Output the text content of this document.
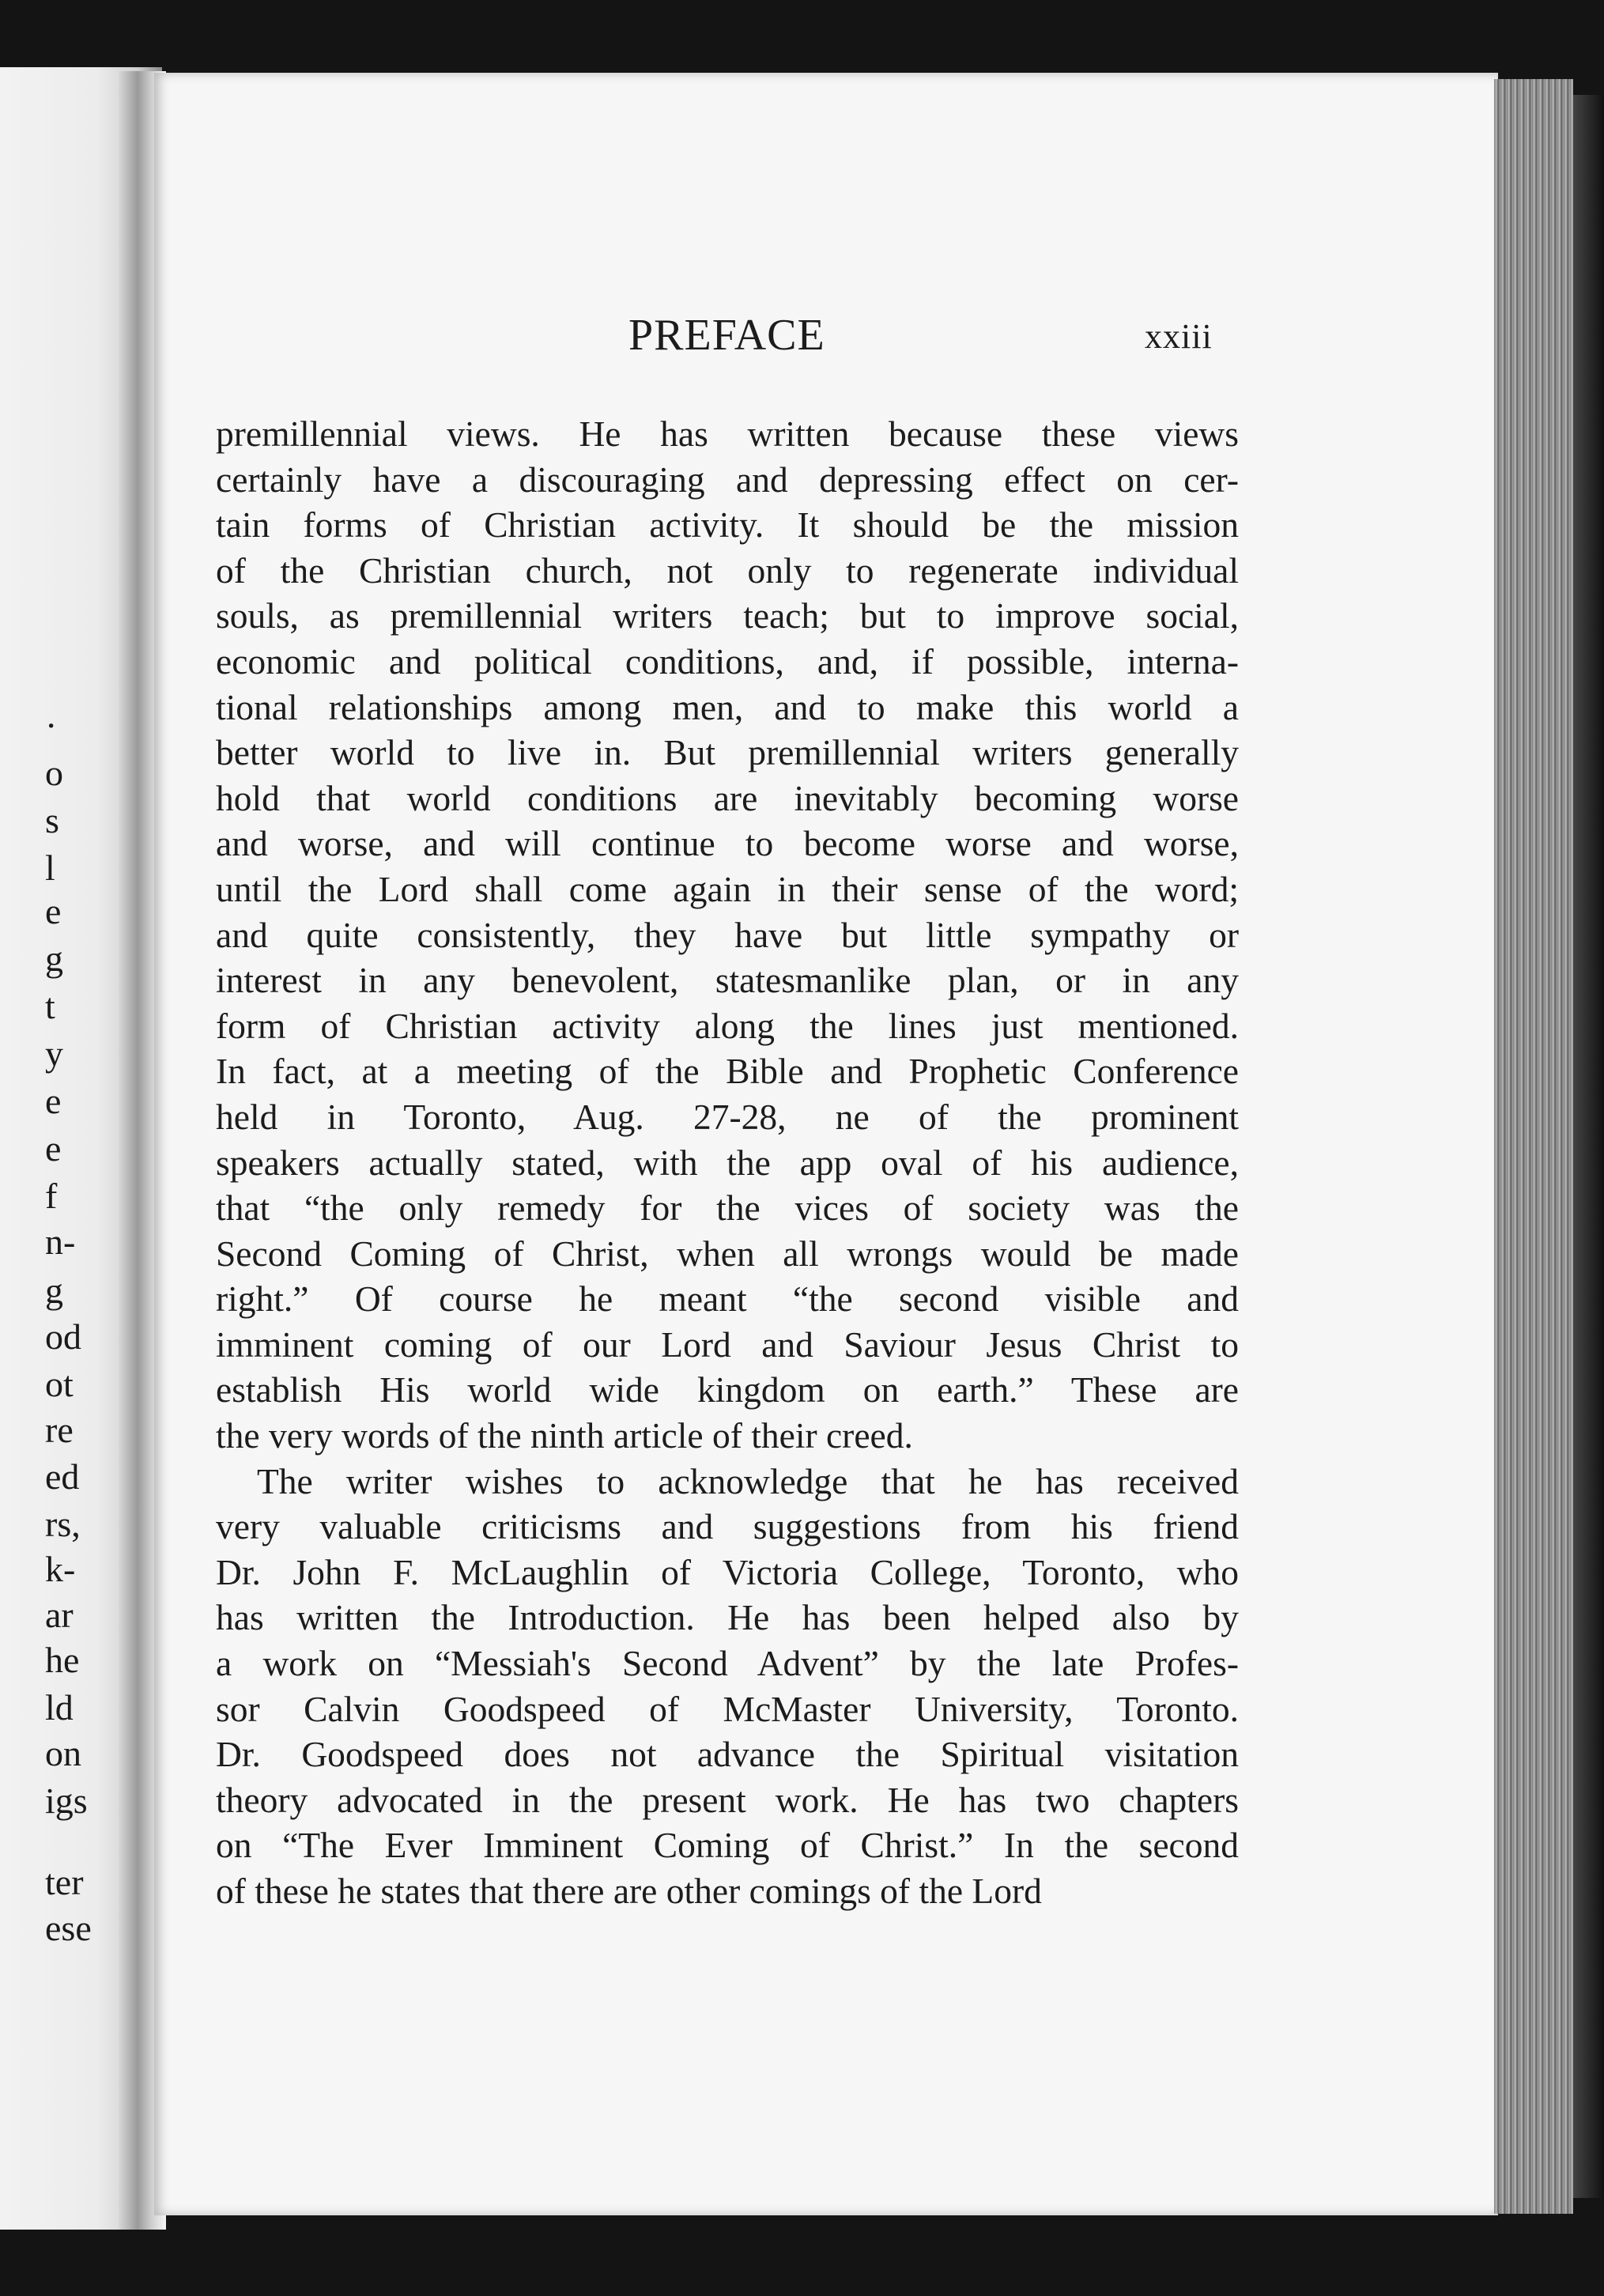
·
o
s
l
e
g
t
y
e
e
f
n-
g
od
ot
re
ed
rs,
k-
ar
he
ld
on
igs
ter
ese
PREFACE	xxiii
premillennial views. He has written because these views
certainly have a discouraging and depressing effect on cer-
tain forms of Christian activity. It should be the mission
of the Christian church, not only to regenerate individual
souls, as premillennial writers teach; but to improve social,
economic and political conditions, and, if possible, interna-
tional relationships among men, and to make this world a
better world to live in. But premillennial writers generally
hold that world conditions are inevitably becoming worse
and worse, and will continue to become worse and worse,
until the Lord shall come again in their sense of the word;
and quite consistently, they have but little sympathy or
interest in any benevolent, statesmanlike plan, or in any
form of Christian activity along the lines just mentioned.
In fact, at a meeting of the Bible and Prophetic Conference
held in Toronto, Aug. 27-28, ne of the prominent
speakers actually stated, with the app oval of his audience,
that “the only remedy for the vices of society was the
Second Coming of Christ, when all wrongs would be made
right.” Of course he meant “the second visible and
imminent coming of our Lord and Saviour Jesus Christ to
establish His world wide kingdom on earth.” These are
the very words of the ninth article of their creed.
The writer wishes to acknowledge that he has received
very valuable criticisms and suggestions from his friend
Dr. John F. McLaughlin of Victoria College, Toronto, who
has written the Introduction. He has been helped also by
a work on “Messiah's Second Advent” by the late Profes-
sor Calvin Goodspeed of McMaster University, Toronto.
Dr. Goodspeed does not advance the Spiritual visitation
theory advocated in the present work. He has two chapters
on “The Ever Imminent Coming of Christ.” In the second
of these he states that there are other comings of the Lord
